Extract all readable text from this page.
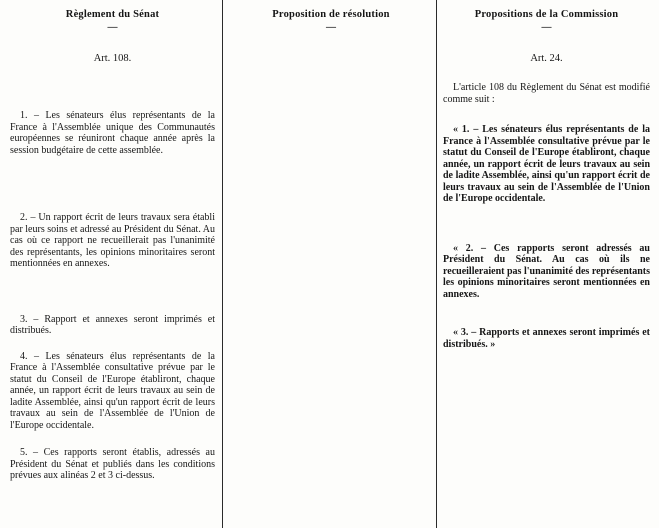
Règlement du Sénat
—
Art. 108.
1. – Les sénateurs élus représentants de la France à l'Assemblée unique des Communautés européennes se réuniront chaque année après la session budgétaire de cette assemblée.
2. – Un rapport écrit de leurs travaux sera établi par leurs soins et adressé au Président du Sénat. Au cas où ce rapport ne recueillerait pas l'unanimité des représentants, les opinions minoritaires seront mentionnées en annexes.
3. – Rapport et annexes seront imprimés et distribués.
4. – Les sénateurs élus représentants de la France à l'Assemblée consultative prévue par le statut du Conseil de l'Europe établiront, chaque année, un rapport écrit de leurs travaux au sein de ladite Assemblée, ainsi qu'un rapport écrit de leurs travaux au sein de l'Assemblée de l'Union de l'Europe occidentale.
5. – Ces rapports seront établis, adressés au Président du Sénat et publiés dans les conditions prévues aux alinéas 2 et 3 ci-dessus.
Proposition de résolution
—
Propositions de la Commission
—
Art. 24.
L'article 108 du Règlement du Sénat est modifié comme suit :
« 1. – Les sénateurs élus représentants de la France à l'Assemblée consultative prévue par le statut du Conseil de l'Europe établiront, chaque année, un rapport écrit de leurs travaux au sein de ladite Assemblée, ainsi qu'un rapport écrit de leurs travaux au sein de l'Assemblée de l'Union de l'Europe occidentale.
« 2. – Ces rapports seront adressés au Président du Sénat. Au cas où ils ne recueilleraient pas l'unanimité des représentants les opinions minoritaires seront mentionnées en annexes.
« 3. – Rapports et annexes seront imprimés et distribués. »
